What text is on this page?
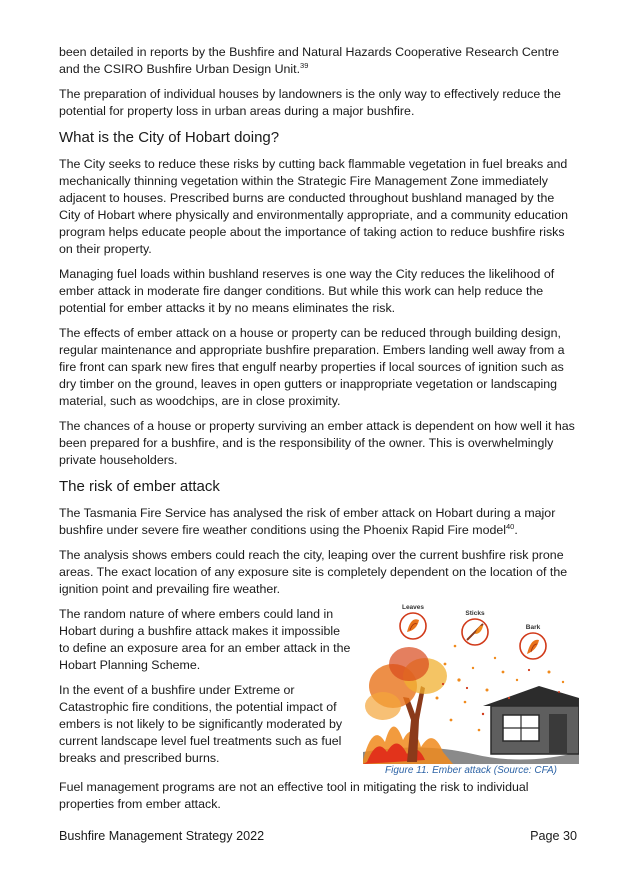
been detailed in reports by the Bushfire and Natural Hazards Cooperative Research Centre and the CSIRO Bushfire Urban Design Unit.$^{39}$

The preparation of individual houses by landowners is the only way to effectively reduce the potential for property loss in urban areas during a major bushfire.

What is the City of Hobart doing?

The City seeks to reduce these risks by cutting back flammable vegetation in fuel breaks and mechanically thinning vegetation within the Strategic Fire Management Zone immediately adjacent to houses. Prescribed burns are conducted throughout bushland managed by the City of Hobart where physically and environmentally appropriate, and a community education program helps educate people about the importance of taking action to reduce bushfire risks on their property.

Managing fuel loads within bushland reserves is one way the City reduces the likelihood of ember attack in moderate fire danger conditions. But while this work can help reduce the potential for ember attacks it by no means eliminates the risk.

The effects of ember attack on a house or property can be reduced through building design, regular maintenance and appropriate bushfire preparation. Embers landing well away from a fire front can spark new fires that engulf nearby properties if local sources of ignition such as dry timber on the ground, leaves in open gutters or inappropriate vegetation or landscaping material, such as woodchips, are in close proximity.

The chances of a house or property surviving an ember attack is dependent on how well it has been prepared for a bushfire, and is the responsibility of the owner. This is overwhelmingly private householders.

The risk of ember attack

The Tasmania Fire Service has analysed the risk of ember attack on Hobart during a major bushfire under severe fire weather conditions using the Phoenix Rapid Fire model$^{40}$.

The analysis shows embers could reach the city, leaping over the current bushfire risk prone areas. The exact location of any exposure site is completely dependent on the location of the ignition point and prevailing fire weather.

Leaves
Sticks
Bark
Figure 11. Ember attack (Source: CFA)

The random nature of where embers could land in Hobart during a bushfire attack makes it impossible to define an exposure area for an ember attack in the Hobart Planning Scheme.

In the event of a bushfire under Extreme or Catastrophic fire conditions, the potential impact of embers is not likely to be significantly moderated by current landscape level fuel treatments such as fuel breaks and prescribed burns.

Fuel management programs are not an effective tool in mitigating the risk to individual properties from ember attack.

Bushfire Management Strategy 2022	Page 30
